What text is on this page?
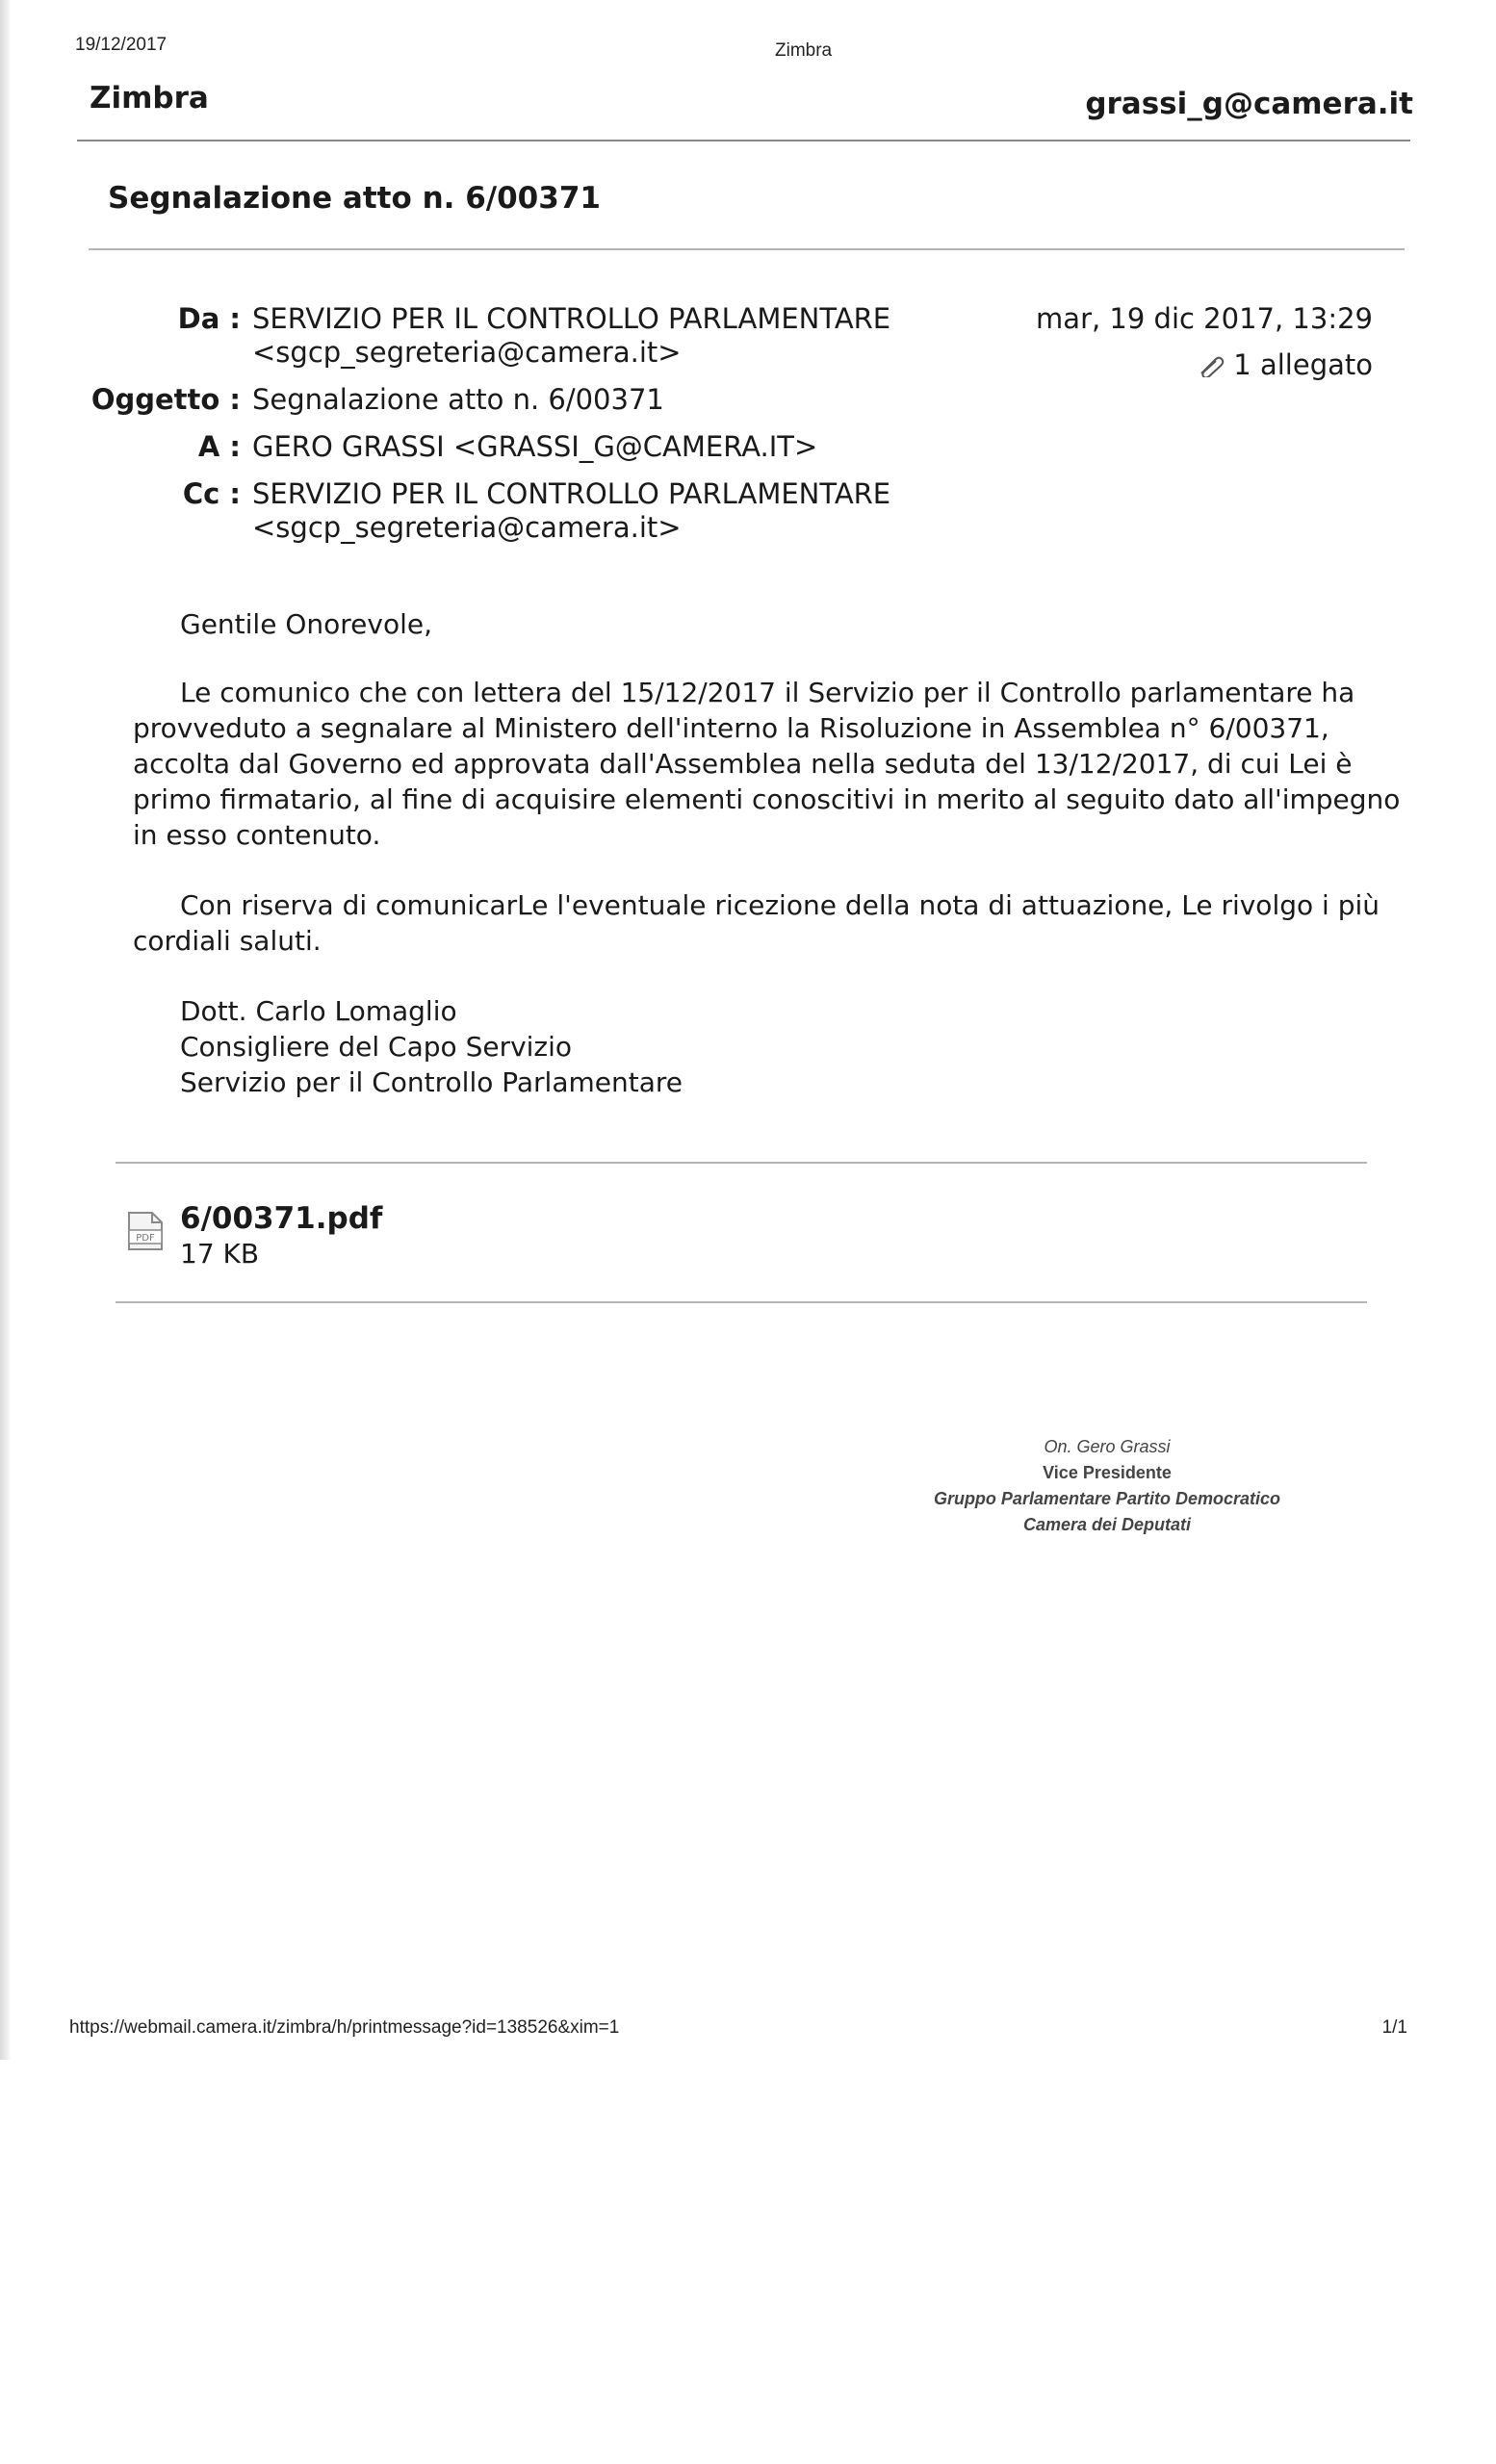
19/12/2017	Zimbra
Zimbra	grassi_g@camera.it
Segnalazione atto n. 6/00371
Da : SERVIZIO PER IL CONTROLLO PARLAMENTARE
<sgcp_segreteria@camera.it>
Oggetto : Segnalazione atto n. 6/00371
A : GERO GRASSI <GRASSI_G@CAMERA.IT>
Cc : SERVIZIO PER IL CONTROLLO PARLAMENTARE
<sgcp_segreteria@camera.it>
mar, 19 dic 2017, 13:29
1 allegato
Gentile Onorevole,
Le comunico che con lettera del 15/12/2017 il Servizio per il Controllo parlamentare ha
provveduto a segnalare al Ministero dell'interno la Risoluzione in Assemblea n° 6/00371,
accolta dal Governo ed approvata dall'Assemblea nella seduta del 13/12/2017, di cui Lei è
primo firmatario, al fine di acquisire elementi conoscitivi in merito al seguito dato all'impegno
in esso contenuto.
Con riserva di comunicarLe l'eventuale ricezione della nota di attuazione, Le rivolgo i più
cordiali saluti.
Dott. Carlo Lomaglio
Consigliere del Capo Servizio
Servizio per il Controllo Parlamentare
PDF
6/00371.pdf
17 KB
On. Gero Grassi
Vice Presidente
Gruppo Parlamentare Partito Democratico
Camera dei Deputati
https://webmail.camera.it/zimbra/h/printmessage?id=138526&xim=1	1/1
